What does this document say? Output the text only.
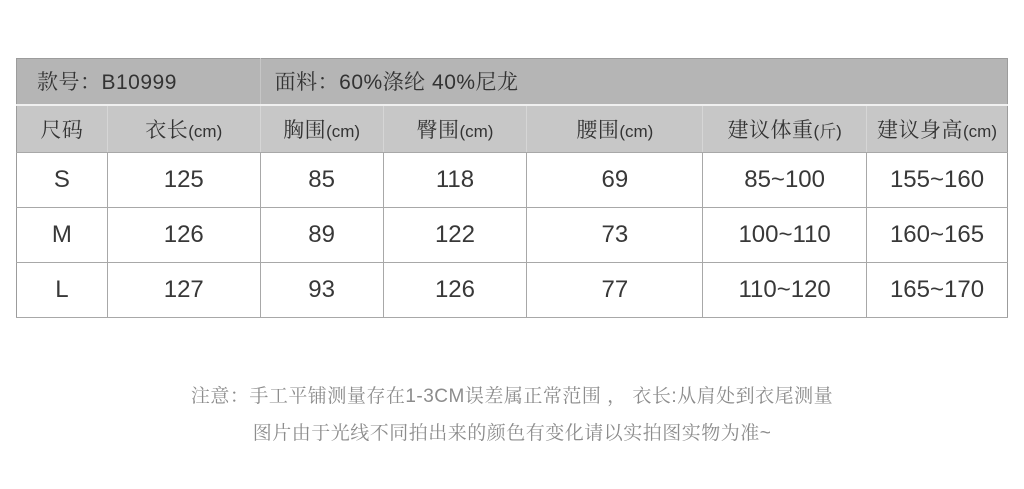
款号：B10999		面料：60%涤纶 40%尼龙				
尺码	衣长(cm)	胸围(cm)	臀围(cm)	腰围(cm)	建议体重(斤)	建议身高(cm)
S	125	85	118	69	85~100	155~160
M	126	89	122	73	100~110	160~165
L	127	93	126	77	110~120	165~170
注意：手工平铺测量存在1-3CM误差属正常范围 ， 衣长:从肩处到衣尾测量
图片由于光线不同拍出来的颜色有变化请以实拍图实物为准~
